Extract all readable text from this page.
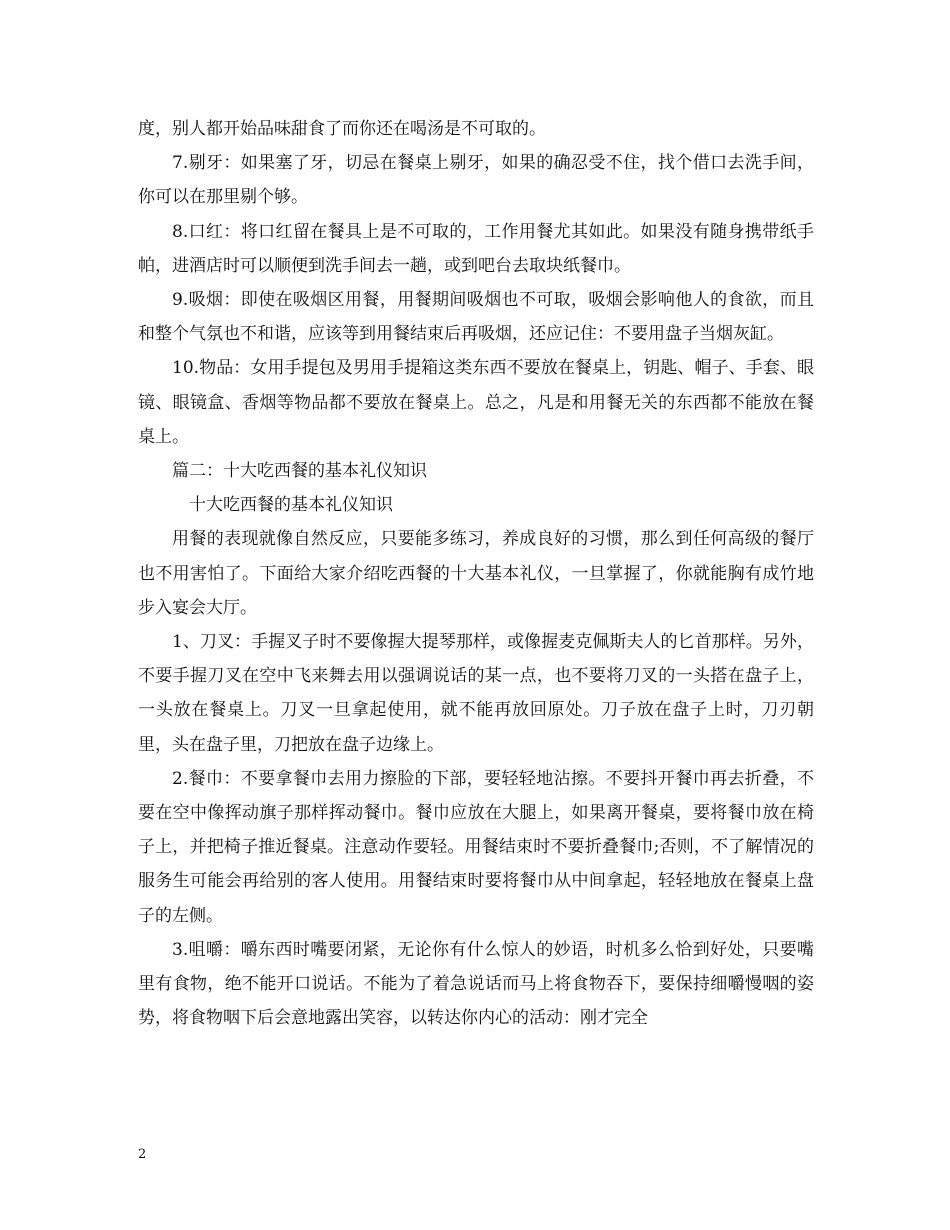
度，别人都开始品味甜食了而你还在喝汤是不可取的。

7.剔牙：如果塞了牙，切忌在餐桌上剔牙，如果的确忍受不住，找个借口去洗手间，你可以在那里剔个够。

8.口红：将口红留在餐具上是不可取的，工作用餐尤其如此。如果没有随身携带纸手帕，进酒店时可以顺便到洗手间去一趟，或到吧台去取块纸餐巾。

9.吸烟：即使在吸烟区用餐，用餐期间吸烟也不可取，吸烟会影响他人的食欲，而且和整个气氛也不和谐，应该等到用餐结束后再吸烟，还应记住：不要用盘子当烟灰缸。

10.物品：女用手提包及男用手提箱这类东西不要放在餐桌上，钥匙、帽子、手套、眼镜、眼镜盒、香烟等物品都不要放在餐桌上。总之，凡是和用餐无关的东西都不能放在餐桌上。

篇二：十大吃西餐的基本礼仪知识

十大吃西餐的基本礼仪知识

用餐的表现就像自然反应，只要能多练习，养成良好的习惯，那么到任何高级的餐厅也不用害怕了。下面给大家介绍吃西餐的十大基本礼仪，一旦掌握了，你就能胸有成竹地步入宴会大厅。

1、刀叉：手握叉子时不要像握大提琴那样，或像握麦克佩斯夫人的匕首那样。另外，不要手握刀叉在空中飞来舞去用以强调说话的某一点，也不要将刀叉的一头搭在盘子上，一头放在餐桌上。刀叉一旦拿起使用，就不能再放回原处。刀子放在盘子上时，刀刃朝里，头在盘子里，刀把放在盘子边缘上。

2.餐巾：不要拿餐巾去用力擦脸的下部，要轻轻地沾擦。不要抖开餐巾再去折叠，不要在空中像挥动旗子那样挥动餐巾。餐巾应放在大腿上，如果离开餐桌，要将餐巾放在椅子上，并把椅子推近餐桌。注意动作要轻。用餐结束时不要折叠餐巾;否则，不了解情况的服务生可能会再给别的客人使用。用餐结束时要将餐巾从中间拿起，轻轻地放在餐桌上盘子的左侧。

3.咀嚼：嚼东西时嘴要闭紧，无论你有什么惊人的妙语，时机多么恰到好处，只要嘴里有食物，绝不能开口说话。不能为了着急说话而马上将食物吞下，要保持细嚼慢咽的姿势，将食物咽下后会意地露出笑容，以转达你内心的活动：刚才完全

2
